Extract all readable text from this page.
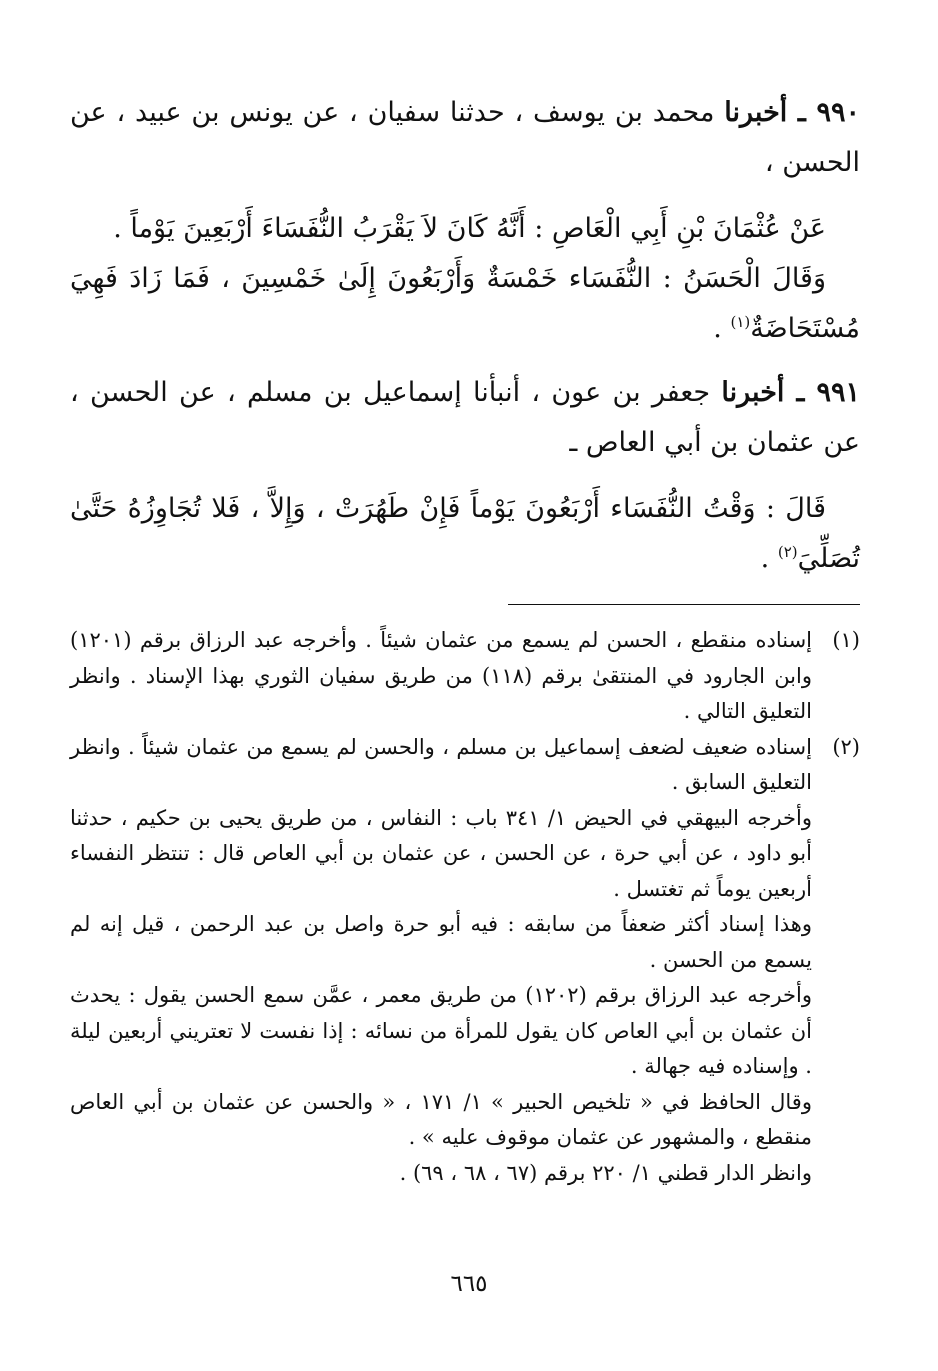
٩٩٠ ـ أخبرنا محمد بن يوسف ، حدثنا سفيان ، عن يونس بن عبيد ، عن الحسن ،

عَنْ عُثْمَانَ بْنِ أَبِي الْعَاصِ : أَنَّهُ كَانَ لاَ يَقْرَبُ النُّفَسَاءَ أَرْبَعِينَ يَوْماً .

وَقَالَ الْحَسَنُ : النُّفَسَاء خَمْسَةٌ وَأَرْبَعُونَ إِلَىٰ خَمْسِينَ ، فَمَا زَادَ فَهِيَ مُسْتَحَاضَةٌ$^{(١)}$ .

٩٩١ ـ أخبرنا جعفر بن عون ، أنبأنا إسماعيل بن مسلم ، عن الحسن ، عن عثمان بن أبي العاص ـ

قَالَ : وَقْتُ النُّفَسَاء أَرْبَعُونَ يَوْماً فَإِنْ طَهُرَتْ ، وَإِلاَّ ، فَلا تُجَاوِزُهُ حَتَّىٰ تُصَلِّيَ$^{(٢)}$ .

(١)

إسناده منقطع ، الحسن لم يسمع من عثمان شيئاً . وأخرجه عبد الرزاق برقم (١٢٠١) وابن الجارود في المنتقىٰ برقم (١١٨) من طريق سفيان الثوري بهذا الإسناد . وانظر التعليق التالي .

(٢)

إسناده ضعيف لضعف إسماعيل بن مسلم ، والحسن لم يسمع من عثمان شيئاً . وانظر التعليق السابق .

وأخرجه البيهقي في الحيض ١/ ٣٤١ باب : النفاس ، من طريق يحيى بن حكيم ، حدثنا أبو داود ، عن أبي حرة ، عن الحسن ، عن عثمان بن أبي العاص قال : تنتظر النفساء أربعين يوماً ثم تغتسل .

وهذا إسناد أكثر ضعفاً من سابقه : فيه أبو حرة واصل بن عبد الرحمن ، قيل إنه لم يسمع من الحسن .

وأخرجه عبد الرزاق برقم (١٢٠٢) من طريق معمر ، عمَّن سمع الحسن يقول : يحدث أن عثمان بن أبي العاص كان يقول للمرأة من نسائه : إذا نفست لا تعتريني أربعين ليلة . وإسناده فيه جهالة .

وقال الحافظ في « تلخيص الحبير » ١/ ١٧١ ، « والحسن عن عثمان بن أبي العاص منقطع ، والمشهور عن عثمان موقوف عليه » .

وانظر الدار قطني ١/ ٢٢٠ برقم (٦٧ ، ٦٨ ، ٦٩) .

٦٦٥
